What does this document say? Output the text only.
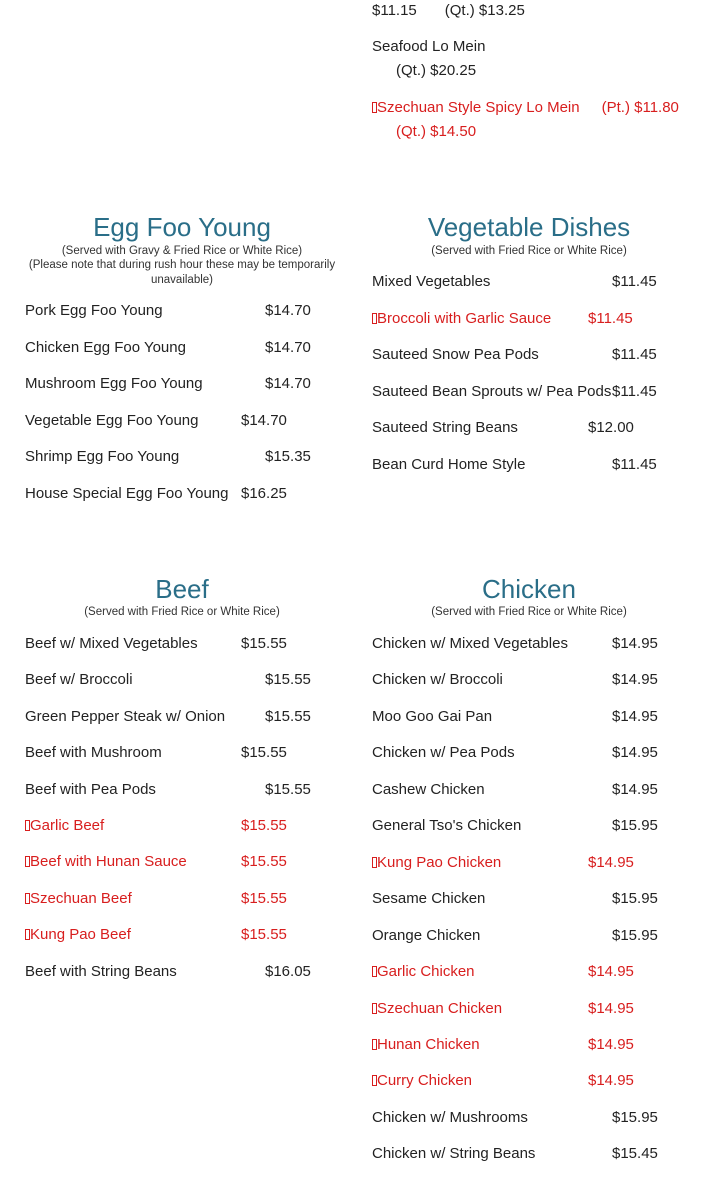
$11.15 (Qt.) $13.25
Seafood Lo Mein
(Qt.) $20.25
Szechuan Style Spicy Lo Mein (Pt.) $11.80
(Qt.) $14.50
Egg Foo Young
(Served with Gravy & Fried Rice or White Rice)
(Please note that during rush hour these may be temporarily unavailable)
Pork Egg Foo Young	$14.70
Chicken Egg Foo Young	$14.70
Mushroom Egg Foo Young	$14.70
Vegetable Egg Foo Young	$14.70
Shrimp Egg Foo Young	$15.35
House Special Egg Foo Young $16.25
Vegetable Dishes
(Served with Fried Rice or White Rice)
Mixed Vegetables	$11.45
Broccoli with Garlic Sauce $11.45
Sauteed Snow Pea Pods	$11.45
Sauteed Bean Sprouts w/ Pea Pods $11.45
Sauteed String Beans	$12.00
Bean Curd Home Style	$11.45
Beef
(Served with Fried Rice or White Rice)
Beef w/ Mixed Vegetables	$15.55
Beef w/ Broccoli	$15.55
Green Pepper Steak w/ Onion	$15.55
Beef with Mushroom	$15.55
Beef with Pea Pods	$15.55
Garlic Beef	$15.55
Beef with Hunan Sauce	$15.55
Szechuan Beef	$15.55
Kung Pao Beef	$15.55
Beef with String Beans	$16.05
Chicken
(Served with Fried Rice or White Rice)
Chicken w/ Mixed Vegetables	$14.95
Chicken w/ Broccoli	$14.95
Moo Goo Gai Pan	$14.95
Chicken w/ Pea Pods	$14.95
Cashew Chicken	$14.95
General Tso's Chicken	$15.95
Kung Pao Chicken	$14.95
Sesame Chicken	$15.95
Orange Chicken	$15.95
Garlic Chicken	$14.95
Szechuan Chicken	$14.95
Hunan Chicken	$14.95
Curry Chicken	$14.95
Chicken w/ Mushrooms	$15.95
Chicken w/ String Beans	$15.45
